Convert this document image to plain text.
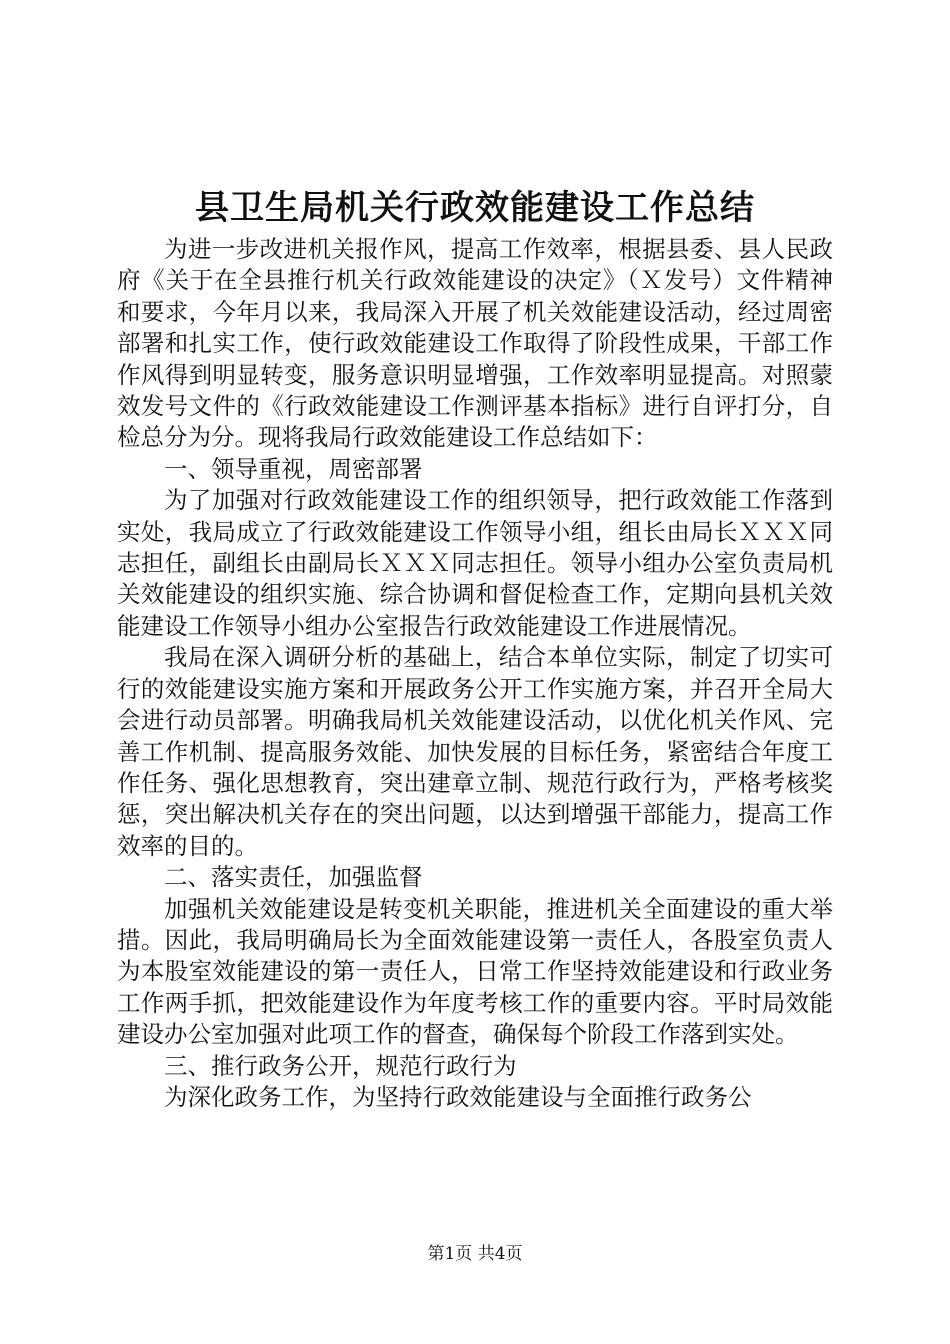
县卫生局机关行政效能建设工作总结

为进一步改进机关报作风，提高工作效率，根据县委、县人民政府《关于在全县推行机关行政效能建设的决定》（Ｘ发号）文件精神和要求，今年月以来，我局深入开展了机关效能建设活动，经过周密部署和扎实工作，使行政效能建设工作取得了阶段性成果，干部工作作风得到明显转变，服务意识明显增强，工作效率明显提高。对照蒙效发号文件的《行政效能建设工作测评基本指标》进行自评打分，自检总分为分。现将我局行政效能建设工作总结如下：

一、领导重视，周密部署

为了加强对行政效能建设工作的组织领导，把行政效能工作落到实处，我局成立了行政效能建设工作领导小组，组长由局长ＸＸＸ同志担任，副组长由副局长ＸＸＸ同志担任。领导小组办公室负责局机关效能建设的组织实施、综合协调和督促检查工作，定期向县机关效能建设工作领导小组办公室报告行政效能建设工作进展情况。

我局在深入调研分析的基础上，结合本单位实际，制定了切实可行的效能建设实施方案和开展政务公开工作实施方案，并召开全局大会进行动员部署。明确我局机关效能建设活动，以优化机关作风、完善工作机制、提高服务效能、加快发展的目标任务，紧密结合年度工作任务、强化思想教育，突出建章立制、规范行政行为，严格考核奖惩，突出解决机关存在的突出问题，以达到增强干部能力，提高工作效率的目的。

二、落实责任，加强监督

加强机关效能建设是转变机关职能，推进机关全面建设的重大举措。因此，我局明确局长为全面效能建设第一责任人，各股室负责人为本股室效能建设的第一责任人，日常工作坚持效能建设和行政业务工作两手抓，把效能建设作为年度考核工作的重要内容。平时局效能建设办公室加强对此项工作的督查，确保每个阶段工作落到实处。

三、推行政务公开，规范行政行为

为深化政务工作，为坚持行政效能建设与全面推行政务公

第1页 共4页
